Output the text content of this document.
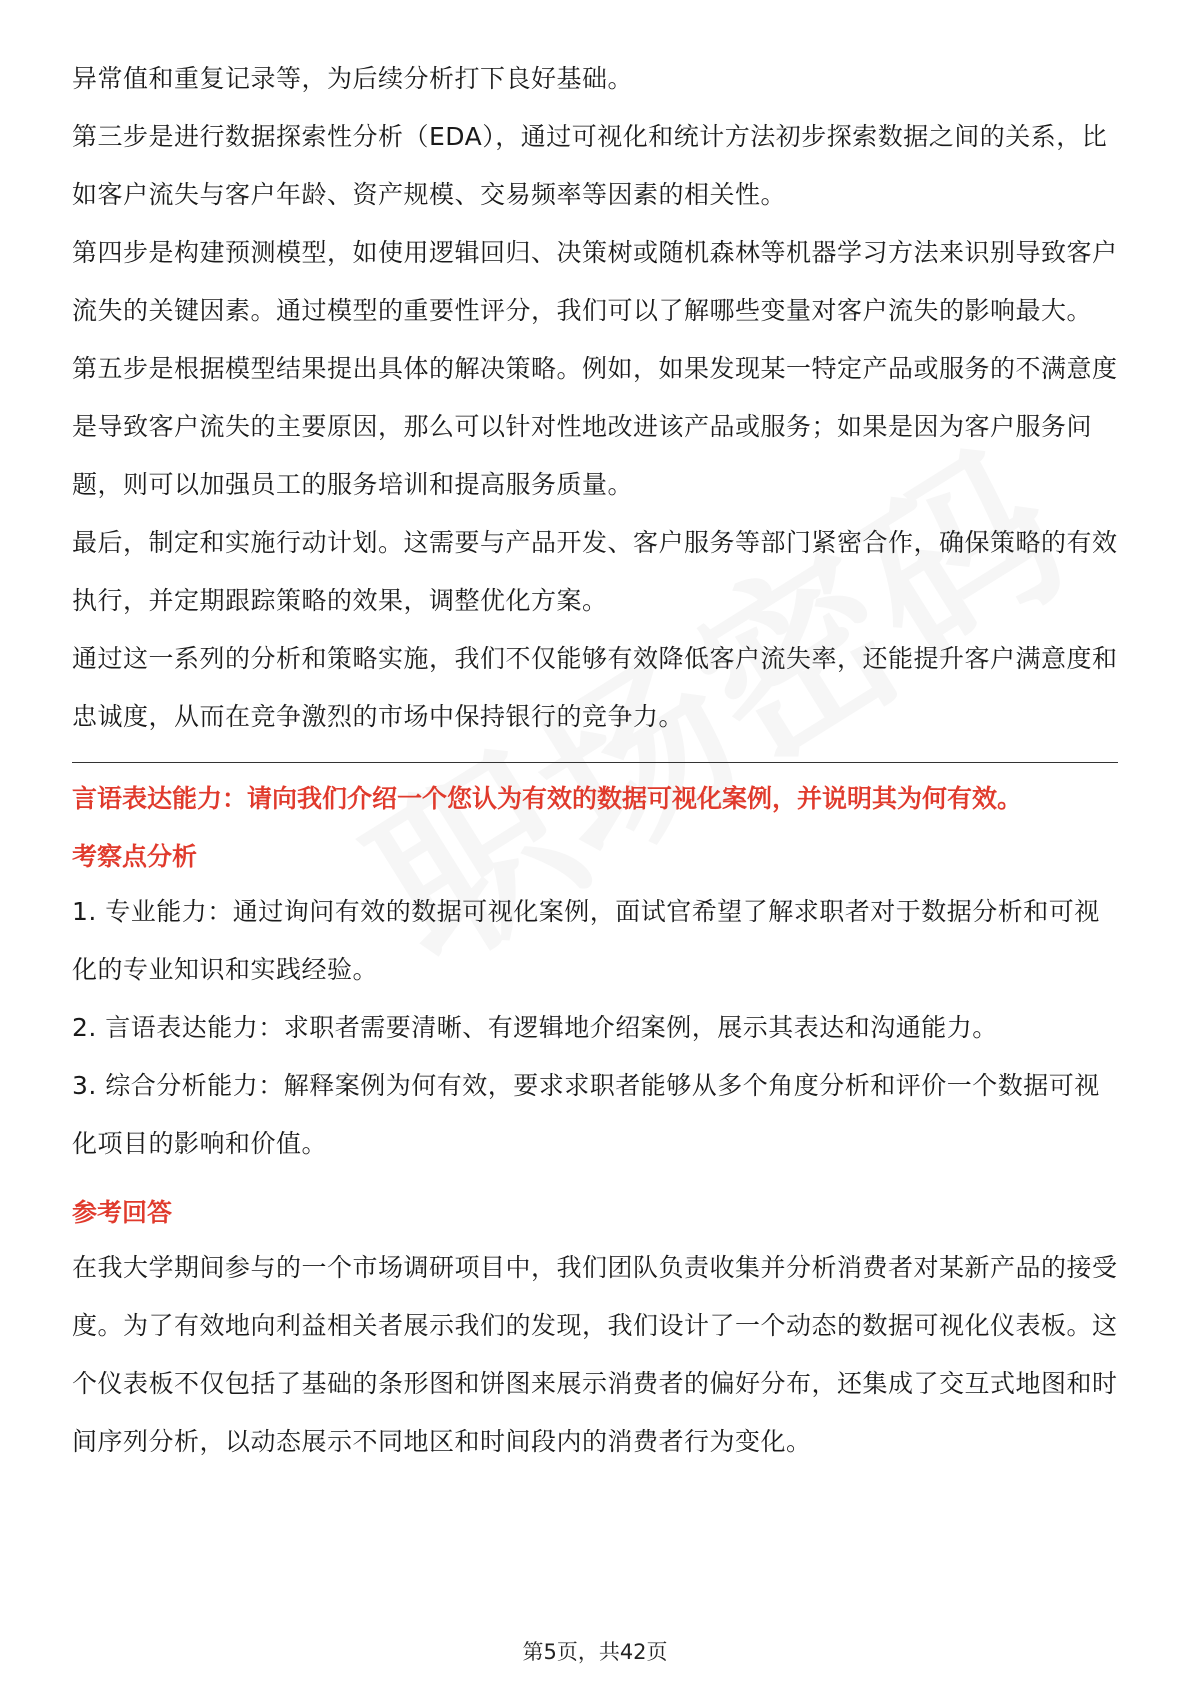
异常值和重复记录等，为后续分析打下良好基础。

第三步是进行数据探索性分析（EDA），通过可视化和统计方法初步探索数据之间的关系，比如客户流失与客户年龄、资产规模、交易频率等因素的相关性。

第四步是构建预测模型，如使用逻辑回归、决策树或随机森林等机器学习方法来识别导致客户流失的关键因素。通过模型的重要性评分，我们可以了解哪些变量对客户流失的影响最大。

第五步是根据模型结果提出具体的解决策略。例如，如果发现某一特定产品或服务的不满意度是导致客户流失的主要原因，那么可以针对性地改进该产品或服务；如果是因为客户服务问题，则可以加强员工的服务培训和提高服务质量。

最后，制定和实施行动计划。这需要与产品开发、客户服务等部门紧密合作，确保策略的有效执行，并定期跟踪策略的效果，调整优化方案。

通过这一系列的分析和策略实施，我们不仅能够有效降低客户流失率，还能提升客户满意度和忠诚度，从而在竞争激烈的市场中保持银行的竞争力。

言语表达能力：请向我们介绍一个您认为有效的数据可视化案例，并说明其为何有效。

考察点分析

1. 专业能力：通过询问有效的数据可视化案例，面试官希望了解求职者对于数据分析和可视化的专业知识和实践经验。

2. 言语表达能力：求职者需要清晰、有逻辑地介绍案例，展示其表达和沟通能力。

3. 综合分析能力：解释案例为何有效，要求求职者能够从多个角度分析和评价一个数据可视化项目的影响和价值。

参考回答

在我大学期间参与的一个市场调研项目中，我们团队负责收集并分析消费者对某新产品的接受度。为了有效地向利益相关者展示我们的发现，我们设计了一个动态的数据可视化仪表板。这个仪表板不仅包括了基础的条形图和饼图来展示消费者的偏好分布，还集成了交互式地图和时间序列分析，以动态展示不同地区和时间段内的消费者行为变化。

第5页，共42页
